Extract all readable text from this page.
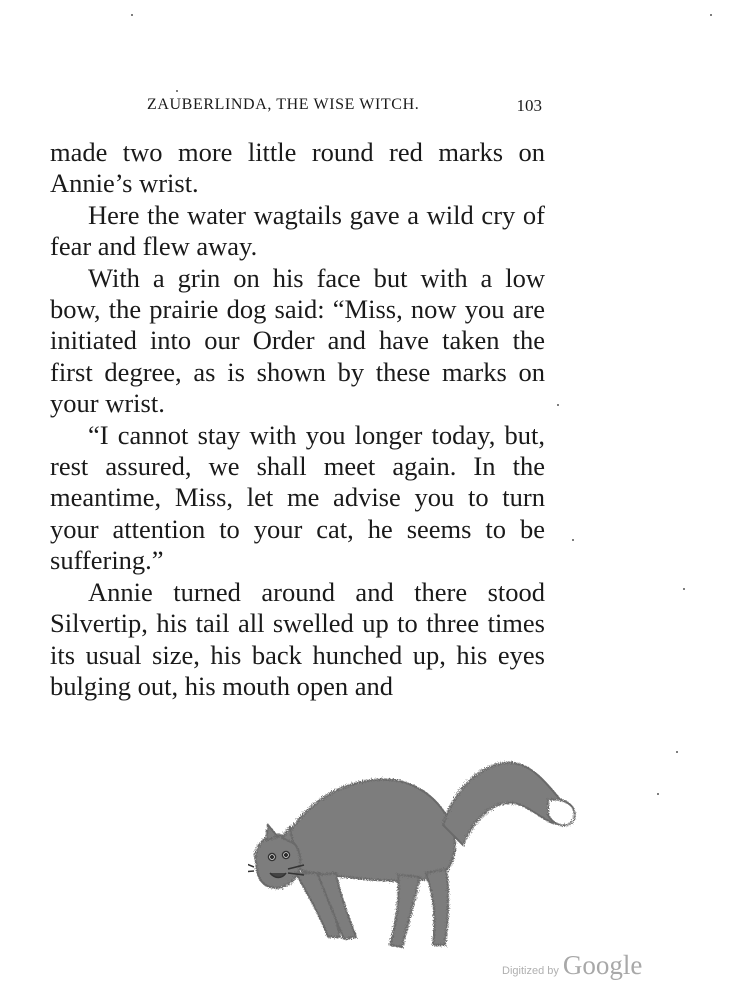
ZAUBERLINDA, THE WISE WITCH.	103

made two more little round red marks on Annie’s wrist.

Here the water wagtails gave a wild cry of fear and flew away.

With a grin on his face but with a low bow, the prairie dog said: “Miss, now you are initiated into our Order and have taken the first degree, as is shown by these marks on your wrist.

“I cannot stay with you longer today, but, rest assured, we shall meet again. In the meantime, Miss, let me advise you to turn your attention to your cat, he seems to be suffering.”

Annie turned around and there stood Silvertip, his tail all swelled up to three times its usual size, his back hunched up, his eyes bulging out, his mouth open and

Digitized by Google
